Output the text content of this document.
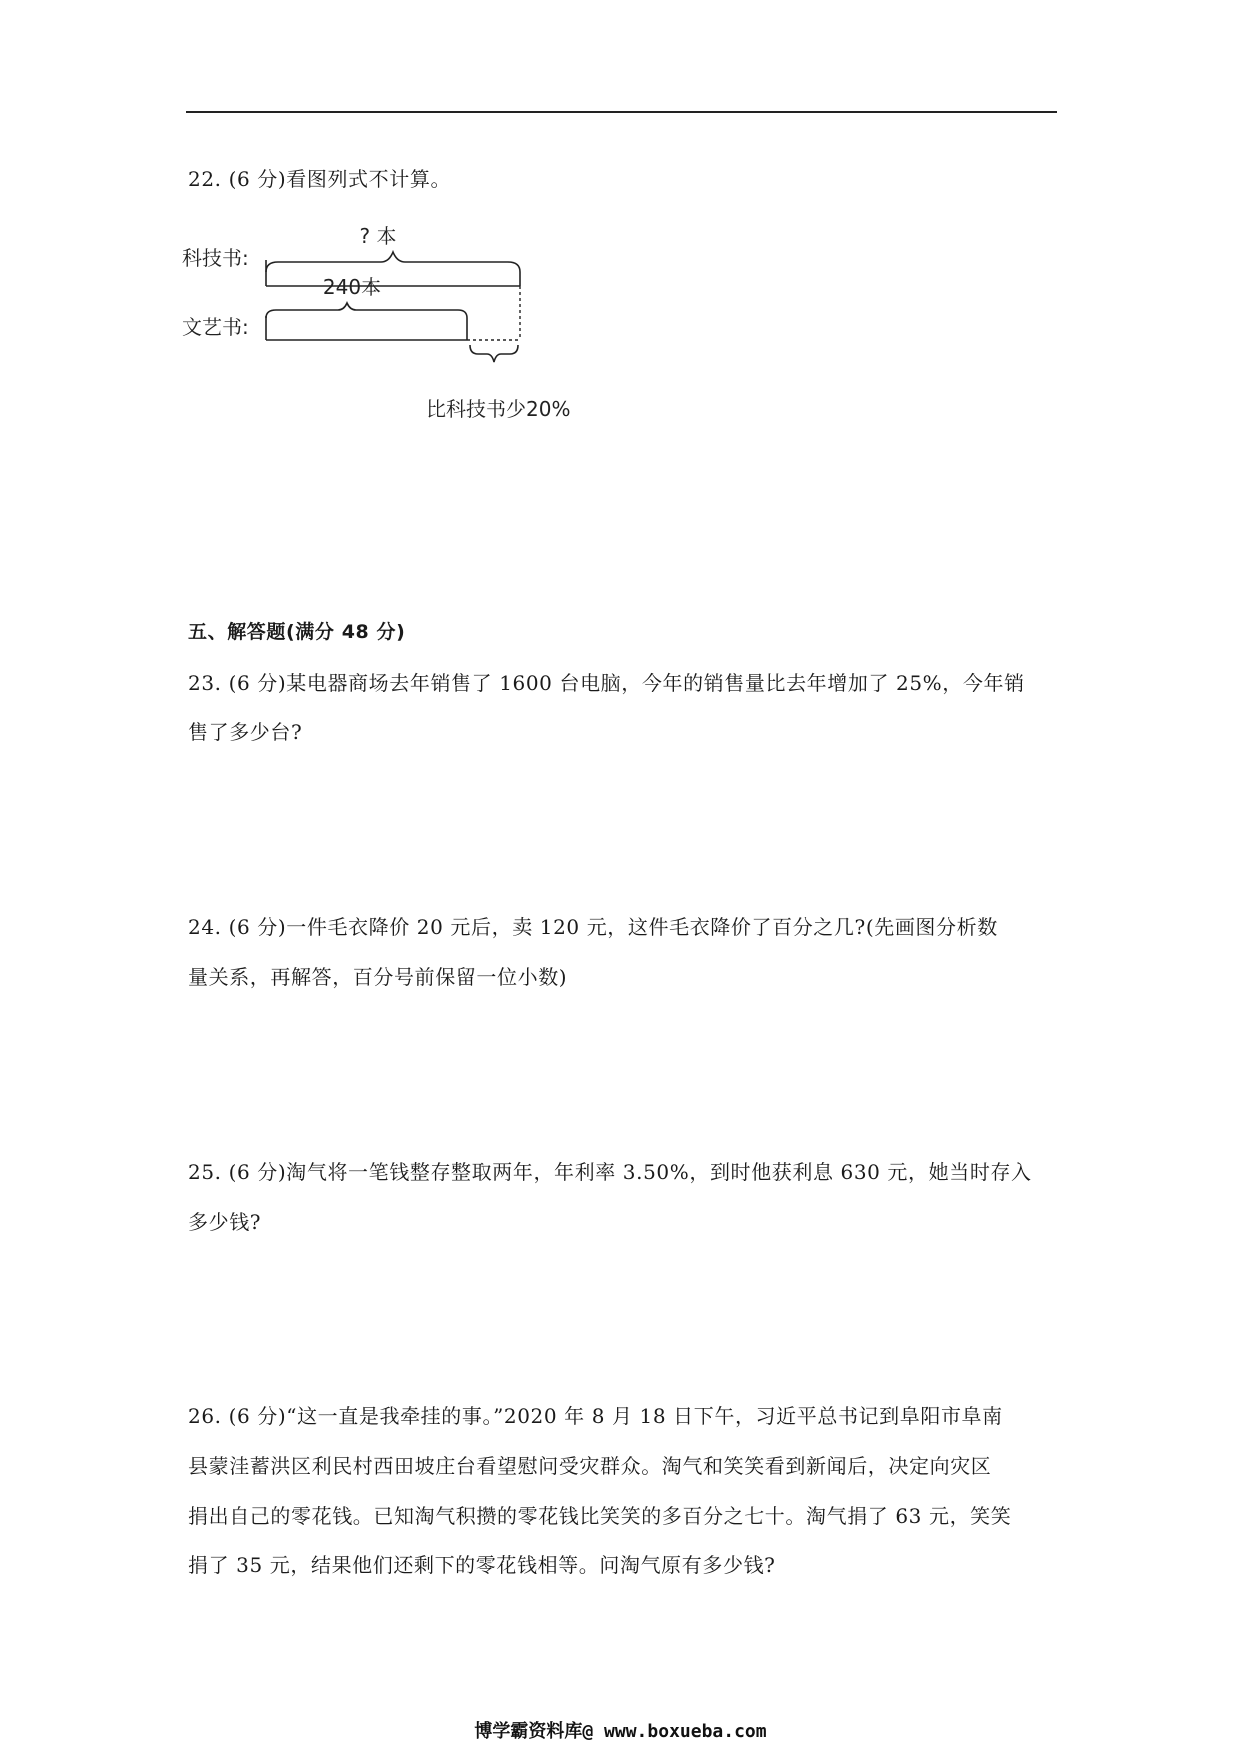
22. (6 分)看图列式不计算。
? 本
科技书:
240本
文艺书:
比科技书少20%
五、解答题(满分 48 分)
23. (6 分)某电器商场去年销售了 1600 台电脑，今年的销售量比去年增加了 25%，今年销
售了多少台?
24. (6 分)一件毛衣降价 20 元后，卖 120 元，这件毛衣降价了百分之几?(先画图分析数
量关系，再解答，百分号前保留一位小数)
25. (6 分)淘气将一笔钱整存整取两年，年利率 3.50%，到时他获利息 630 元，她当时存入
多少钱?
26. (6 分)“这一直是我牵挂的事。”2020 年 8 月 18 日下午，习近平总书记到阜阳市阜南
县蒙洼蓄洪区利民村西田坡庄台看望慰问受灾群众。淘气和笑笑看到新闻后，决定向灾区
捐出自己的零花钱。已知淘气积攒的零花钱比笑笑的多百分之七十。淘气捐了 63 元，笑笑
捐了 35 元，结果他们还剩下的零花钱相等。问淘气原有多少钱?
博学霸资料库@ www.boxueba.com
